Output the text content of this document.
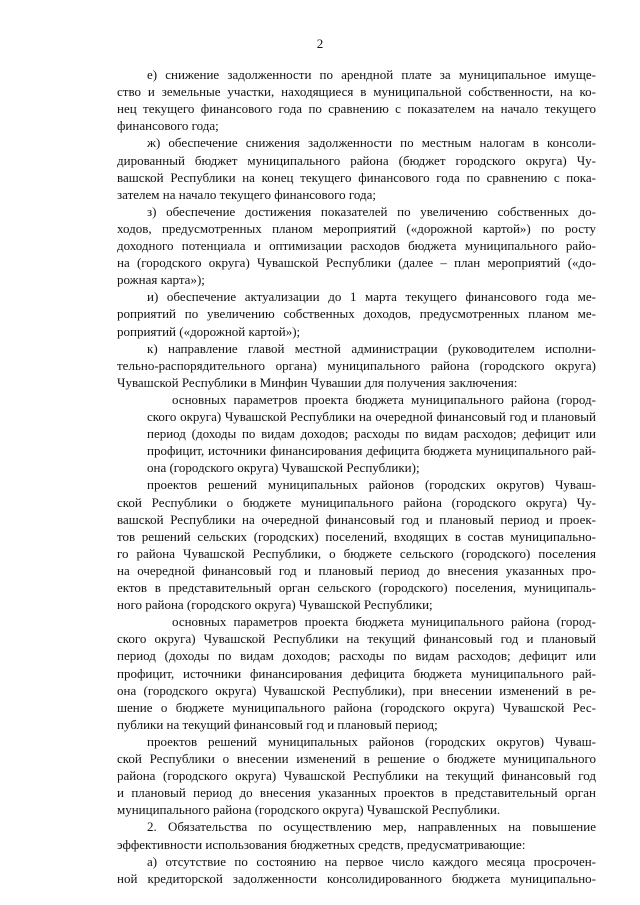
2
е) снижение задолженности по арендной плате за муниципальное имуще-
ство и земельные участки, находящиеся в муниципальной собственности, на ко-
нец текущего финансового года по сравнению с показателем на начало текущего
финансового года;
ж) обеспечение снижения задолженности по местным налогам в консоли-
дированный бюджет муниципального района (бюджет городского округа) Чу-
вашской Республики на конец текущего финансового года по сравнению с пока-
зателем на начало текущего финансового года;
з) обеспечение достижения показателей по увеличению собственных до-
ходов, предусмотренных планом мероприятий («дорожной картой») по росту
доходного потенциала и оптимизации расходов бюджета муниципального райо-
на (городского округа) Чувашской Республики (далее – план мероприятий («до-
рожная карта»);
и) обеспечение актуализации до 1 марта текущего финансового года ме-
роприятий по увеличению собственных доходов, предусмотренных планом ме-
роприятий («дорожной картой»);
к) направление главой местной администрации (руководителем исполни-
тельно-распорядительного органа) муниципального района (городского округа)
Чувашской Республики в Минфин Чувашии для получения заключения:
основных параметров проекта бюджета муниципального района (город-
ского округа) Чувашской Республики на очередной финансовый год и плановый
период (доходы по видам доходов; расходы по видам расходов; дефицит или
профицит, источники финансирования дефицита бюджета муниципального рай-
она (городского округа) Чувашской Республики);
проектов решений муниципальных районов (городских округов) Чуваш-
ской Республики о бюджете муниципального района (городского округа) Чу-
вашской Республики на очередной финансовый год и плановый период и проек-
тов решений сельских (городских) поселений, входящих в состав муниципально-
го района Чувашской Республики, о бюджете сельского (городского) поселения
на очередной финансовый год и плановый период до внесения указанных про-
ектов в представительный орган сельского (городского) поселения, муниципаль-
ного района (городского округа) Чувашской Республики;
основных параметров проекта бюджета муниципального района (город-
ского округа) Чувашской Республики на текущий финансовый год и плановый
период (доходы по видам доходов; расходы по видам расходов; дефицит или
профицит, источники финансирования дефицита бюджета муниципального рай-
она (городского округа) Чувашской Республики), при внесении изменений в ре-
шение о бюджете муниципального района (городского округа) Чувашской Рес-
публики на текущий финансовый год и плановый период;
проектов решений муниципальных районов (городских округов) Чуваш-
ской Республики о внесении изменений в решение о бюджете муниципального
района (городского округа) Чувашской Республики на текущий финансовый год
и плановый период до внесения указанных проектов в представительный орган
муниципального района (городского округа) Чувашской Республики.
2. Обязательства по осуществлению мер, направленных на повышение
эффективности использования бюджетных средств, предусматривающие:
а) отсутствие по состоянию на первое число каждого месяца просрочен-
ной кредиторской задолженности консолидированного бюджета муниципально-
